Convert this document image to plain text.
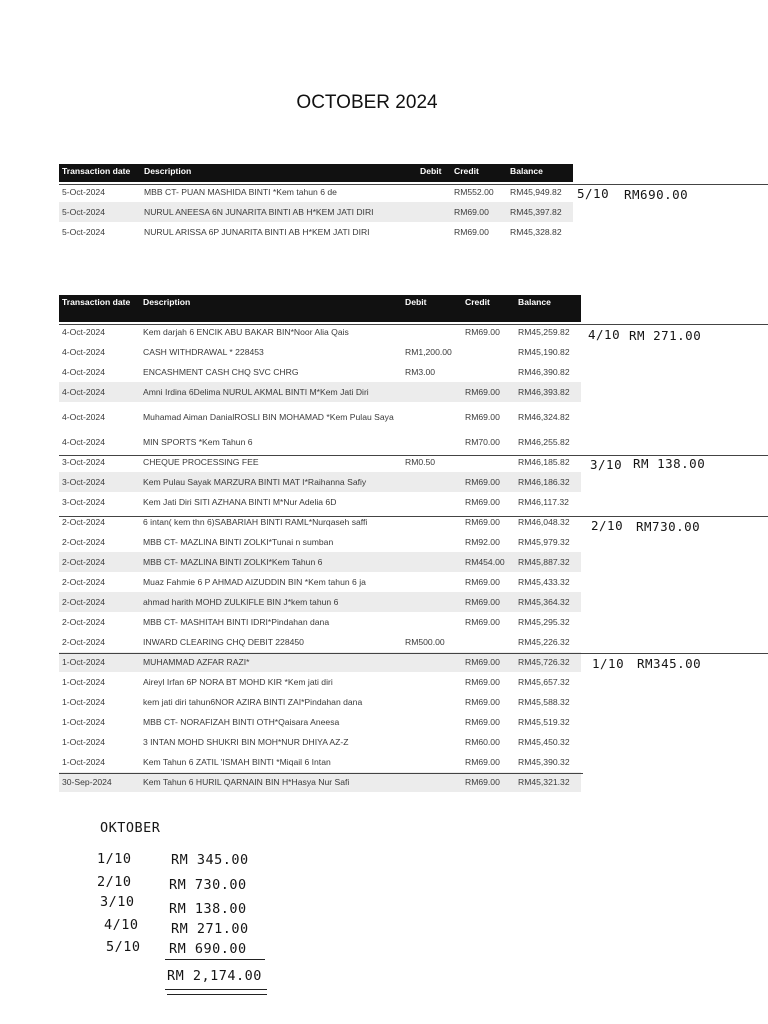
OCTOBER 2024
Transaction date	Description	Debit	Credit	Balance
5-Oct-2024	MBB CT- PUAN MASHIDA BINTI *Kem tahun 6 de		RM552.00	RM45,949.82
5-Oct-2024	NURUL ANEESA 6N JUNARITA BINTI AB H*KEM JATI DIRI		RM69.00	RM45,397.82
5-Oct-2024	NURUL ARISSA 6P JUNARITA BINTI AB H*KEM JATI DIRI		RM69.00	RM45,328.82
Transaction date	Description	Debit	Credit	Balance
4-Oct-2024	Kem darjah 6 ENCIK ABU BAKAR BIN*Noor Alia Qais		RM69.00	RM45,259.82
4-Oct-2024	CASH WITHDRAWAL * 228453	RM1,200.00		RM45,190.82
4-Oct-2024	ENCASHMENT CASH CHQ SVC CHRG	RM3.00		RM46,390.82
4-Oct-2024	Amni Irdina 6Delima NURUL AKMAL BINTI M*Kem Jati Diri		RM69.00	RM46,393.82
4-Oct-2024	Muhamad Aiman DanialROSLI BIN MOHAMAD *Kem Pulau Saya		RM69.00	RM46,324.82
4-Oct-2024	MIN SPORTS *Kem Tahun 6		RM70.00	RM46,255.82
3-Oct-2024	CHEQUE PROCESSING FEE	RM0.50		RM46,185.82
3-Oct-2024	Kem Pulau Sayak MARZURA BINTI MAT I*Raihanna Safiy		RM69.00	RM46,186.32
3-Oct-2024	Kem Jati Diri SITI AZHANA BINTI M*Nur Adelia 6D		RM69.00	RM46,117.32
2-Oct-2024	6 intan( kem thn 6)SABARIAH BINTI RAML*Nurqaseh saffi		RM69.00	RM46,048.32
2-Oct-2024	MBB CT- MAZLINA BINTI ZOLKI*Tunai n sumban		RM92.00	RM45,979.32
2-Oct-2024	MBB CT- MAZLINA BINTI ZOLKI*Kem Tahun 6		RM454.00	RM45,887.32
2-Oct-2024	Muaz Fahmie 6 P AHMAD AIZUDDIN BIN *Kem tahun 6 ja		RM69.00	RM45,433.32
2-Oct-2024	ahmad harith MOHD ZULKIFLE BIN J*kem tahun 6		RM69.00	RM45,364.32
2-Oct-2024	MBB CT- MASHITAH BINTI IDRI*Pindahan dana		RM69.00	RM45,295.32
2-Oct-2024	INWARD CLEARING CHQ DEBIT 228450	RM500.00		RM45,226.32
1-Oct-2024	MUHAMMAD AZFAR RAZI*		RM69.00	RM45,726.32
1-Oct-2024	Aireyl Irfan 6P NORA BT MOHD KIR *Kem jati diri		RM69.00	RM45,657.32
1-Oct-2024	kem jati diri tahun6NOR AZIRA BINTI ZAI*Pindahan dana		RM69.00	RM45,588.32
1-Oct-2024	MBB CT- NORAFIZAH BINTI OTH*Qaisara Aneesa		RM69.00	RM45,519.32
1-Oct-2024	3 INTAN MOHD SHUKRI BIN MOH*NUR DHIYA AZ-Z		RM60.00	RM45,450.32
1-Oct-2024	Kem Tahun 6 ZATIL 'ISMAH BINTI *Miqail 6 Intan		RM69.00	RM45,390.32
30-Sep-2024	Kem Tahun 6 HURIL QARNAIN BIN H*Hasya Nur Safi		RM69.00	RM45,321.32
5/10 RM690.00
4/10 RM 271.00
3/10 RM 138.00
2/10 RM730.00
1/10 RM345.00
OKTOBER
1/10	RM 345.00
2/10	RM 730.00
3/10	RM 138.00
4/10 RM 271.00
5/10 RM 690.00
RM 2,174.00
